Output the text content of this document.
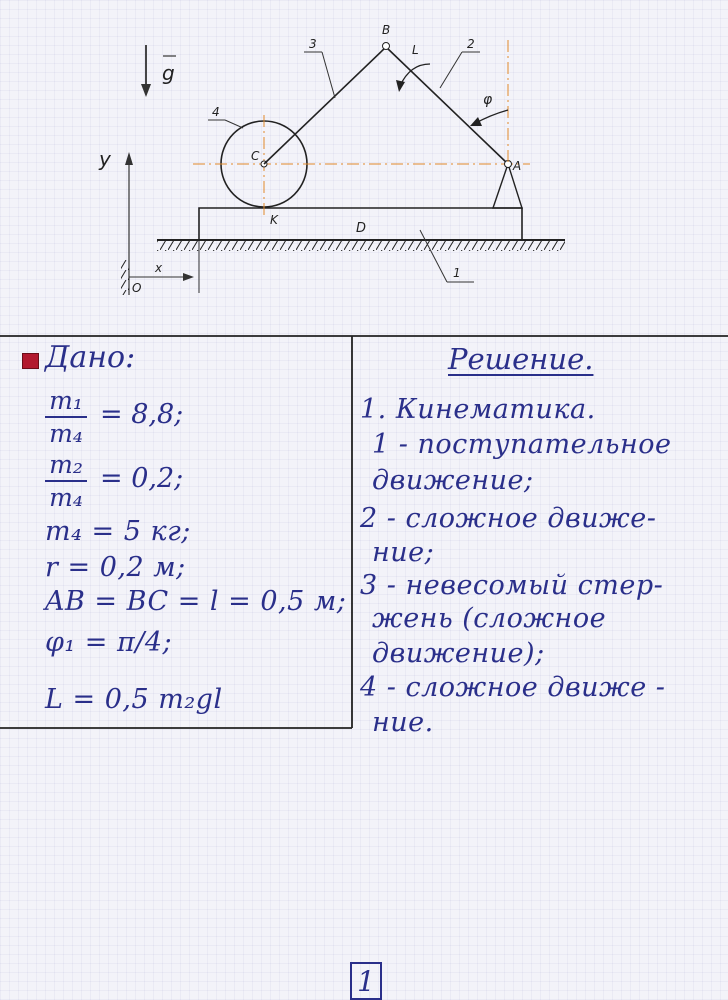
g
y
O
x
D
1
C
K
4
B
A
3	2
L
φ
Дано:
m₁
m₄
= 8,8;
m₂
m₄
= 0,2;

m₄ = 5 кг;

r = 0,2 м;

AB = BC = l = 0,5 м;

φ₁ = π/4;

L = 0,5 m₂gl

Решение.

1. Кинематика.

1 - поступательное

движение;

2 - сложное движе-

ние;

3 - невесомый стер-

жень (сложное

движение);

4 - сложное движе -

ние.

1
